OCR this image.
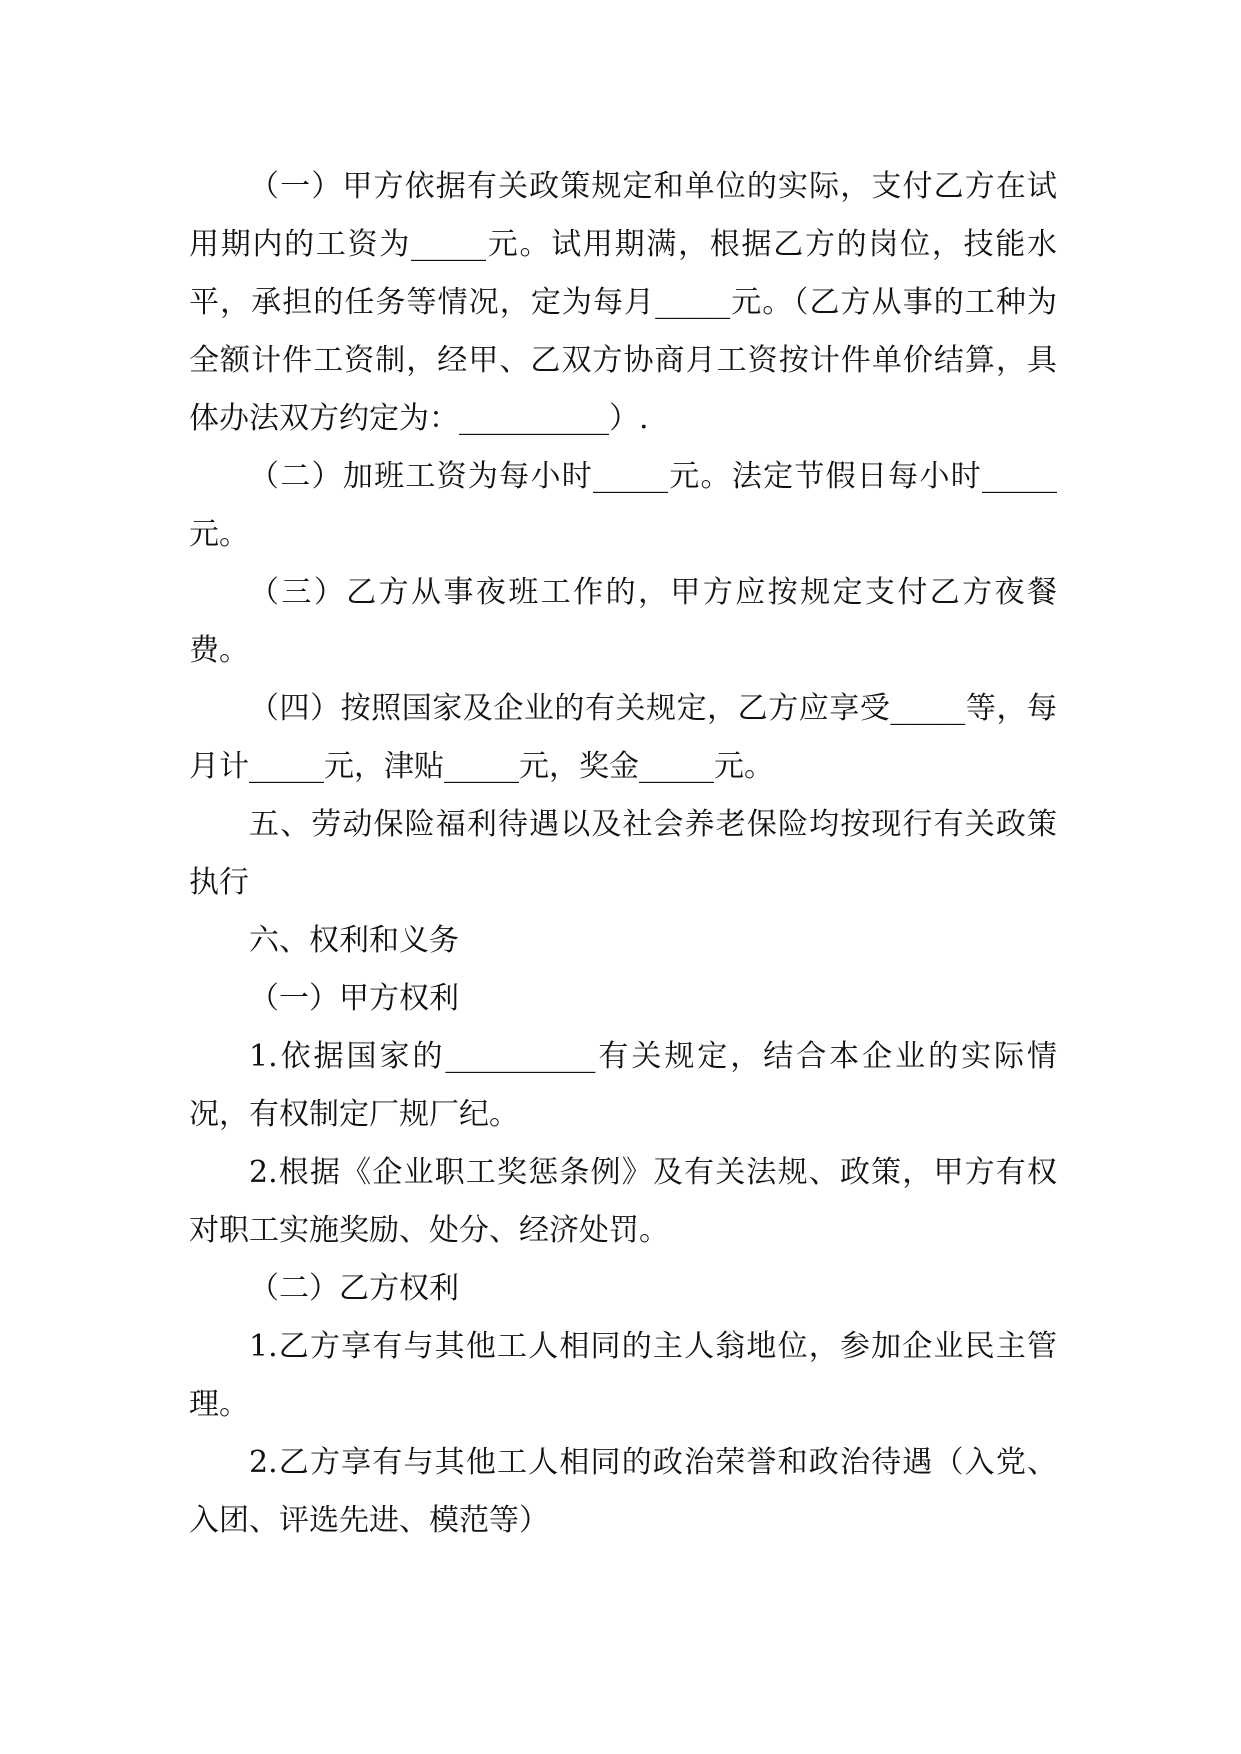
（一）甲方依据有关政策规定和单位的实际，支付乙方在试用期内的工资为_____元。试用期满，根据乙方的岗位，技能水平，承担的任务等情况，定为每月_____元。（乙方从事的工种为全额计件工资制，经甲、乙双方协商月工资按计件单价结算，具体办法双方约定为：__________）.

（二）加班工资为每小时_____元。法定节假日每小时_____元。

（三）乙方从事夜班工作的，甲方应按规定支付乙方夜餐费。

（四）按照国家及企业的有关规定，乙方应享受_____等，每月计_____元，津贴_____元，奖金_____元。

五、劳动保险福利待遇以及社会养老保险均按现行有关政策执行

六、权利和义务

（一）甲方权利

1.依据国家的__________有关规定，结合本企业的实际情况，有权制定厂规厂纪。

2.根据《企业职工奖惩条例》及有关法规、政策，甲方有权对职工实施奖励、处分、经济处罚。

（二）乙方权利

1.乙方享有与其他工人相同的主人翁地位，参加企业民主管理。

2.乙方享有与其他工人相同的政治荣誉和政治待遇（入党、入团、评选先进、模范等）
